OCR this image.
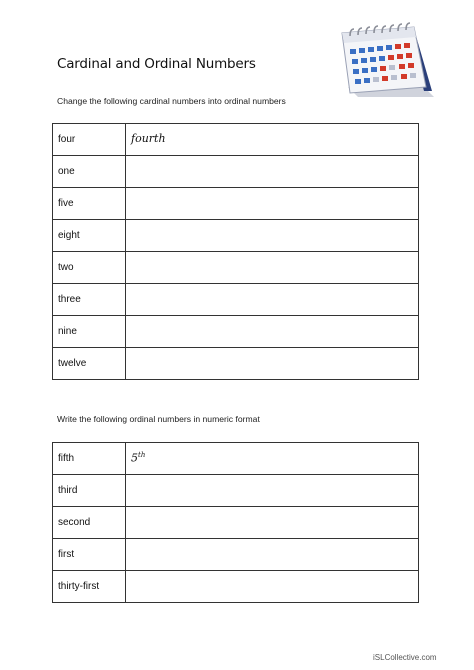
Cardinal and Ordinal Numbers
Change the following cardinal numbers into ordinal numbers
four	fourth
one	
five	
eight	
two	
three	
nine	
twelve	
Write the following ordinal numbers in numeric format
fifth	5th
third	
second	
first	
thirty-first	
iSLCollective.com
